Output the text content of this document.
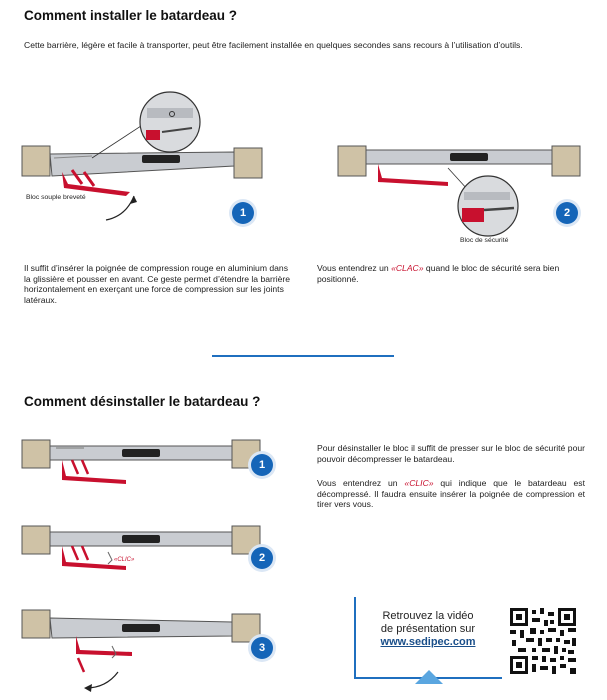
Comment installer le batardeau ?

Cette barrière, légère et facile à transporter, peut être facilement installée en quelques secondes sans recours à l’utilisation d’outils.

Bloc souple breveté
1	2
Bloc de sécurité

Il suffit d’insérer la poignée de compression rouge en aluminium dans la glissière et pousser en avant. Ce geste permet d’étendre la barrière horizontalement en exerçant une force de compression sur les joints latéraux.

Vous entendrez un «CLAC» quand le bloc de sécurité sera bien positionné.

Comment désinstaller le batardeau ?
1
«CLIC»	2
3

Pour désinstaller le bloc il suffit de presser sur le bloc de sécurité pour pouvoir décompresser le batardeau.

Vous entendrez un «CLIC» qui indique que le batardeau est décompressé. Il faudra ensuite insérer la poignée de compression et tirer vers vous.

Retrouvez la vidéo
de présentation sur
www.sedipec.com
